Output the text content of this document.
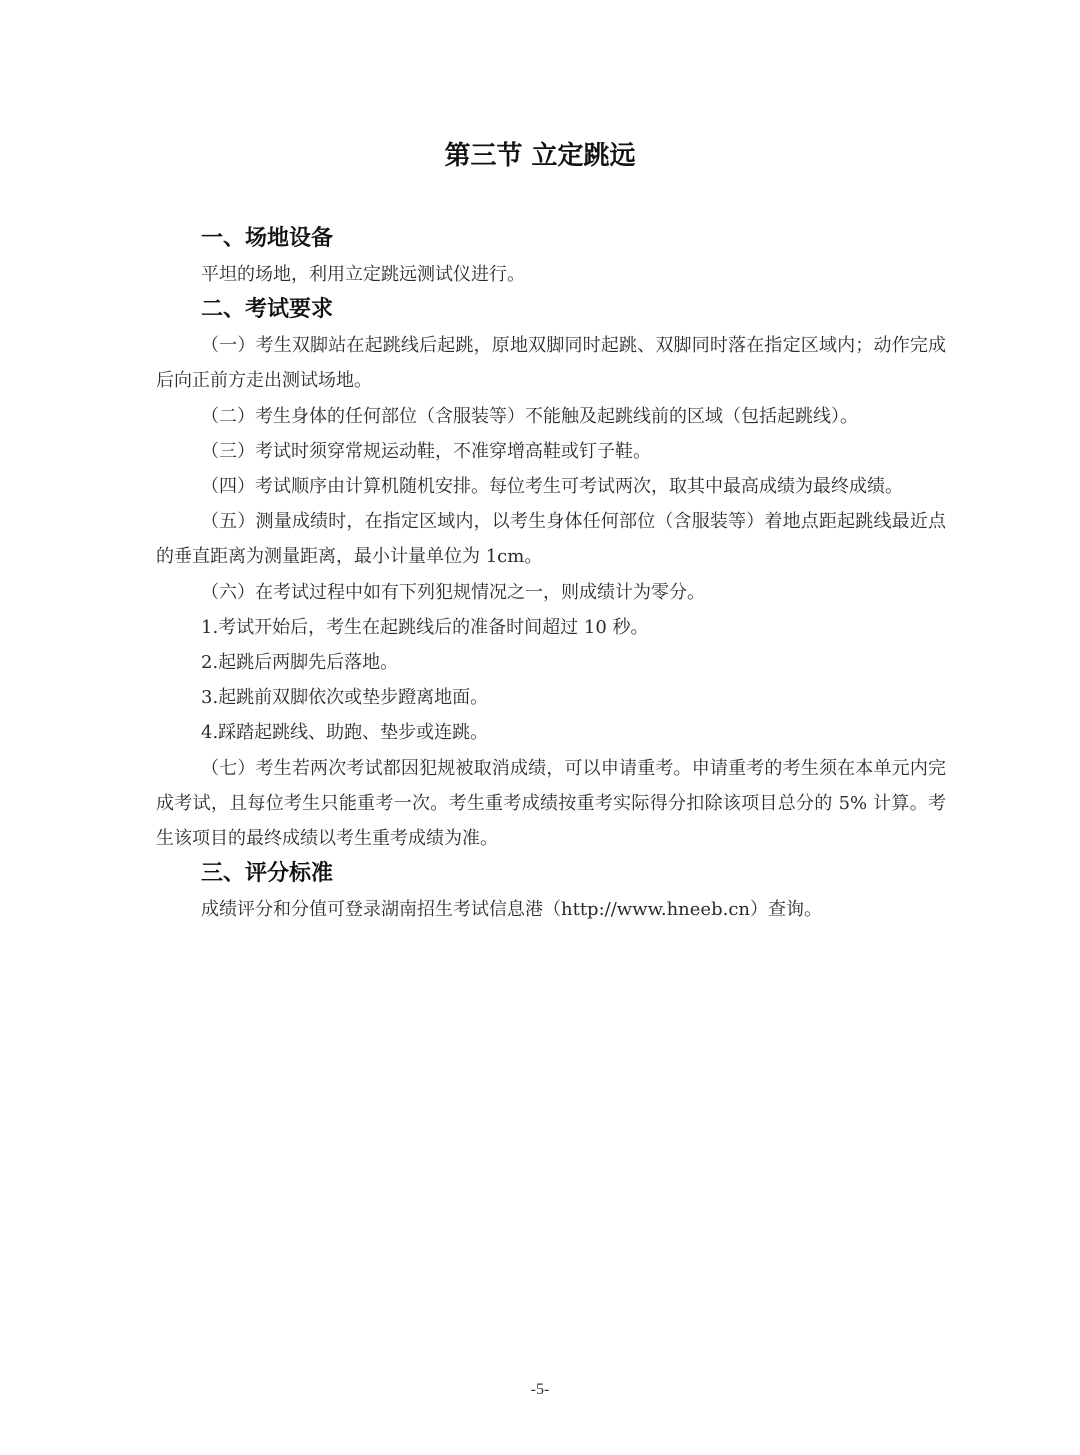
第三节 立定跳远

一、场地设备

平坦的场地，利用立定跳远测试仪进行。

二、考试要求

（一）考生双脚站在起跳线后起跳，原地双脚同时起跳、双脚同时落在指定区域内；动作完成后向正前方走出测试场地。

（二）考生身体的任何部位（含服装等）不能触及起跳线前的区域（包括起跳线）。

（三）考试时须穿常规运动鞋，不准穿增高鞋或钉子鞋。

（四）考试顺序由计算机随机安排。每位考生可考试两次，取其中最高成绩为最终成绩。

（五）测量成绩时，在指定区域内，以考生身体任何部位（含服装等）着地点距起跳线最近点的垂直距离为测量距离，最小计量单位为 1cm。

（六）在考试过程中如有下列犯规情况之一，则成绩计为零分。

1.考试开始后，考生在起跳线后的准备时间超过 10 秒。

2.起跳后两脚先后落地。

3.起跳前双脚依次或垫步蹬离地面。

4.踩踏起跳线、助跑、垫步或连跳。

（七）考生若两次考试都因犯规被取消成绩，可以申请重考。申请重考的考生须在本单元内完成考试，且每位考生只能重考一次。考生重考成绩按重考实际得分扣除该项目总分的 5% 计算。考生该项目的最终成绩以考生重考成绩为准。

三、评分标准

成绩评分和分值可登录湖南招生考试信息港（http://www.hneeb.cn）查询。

-5-
